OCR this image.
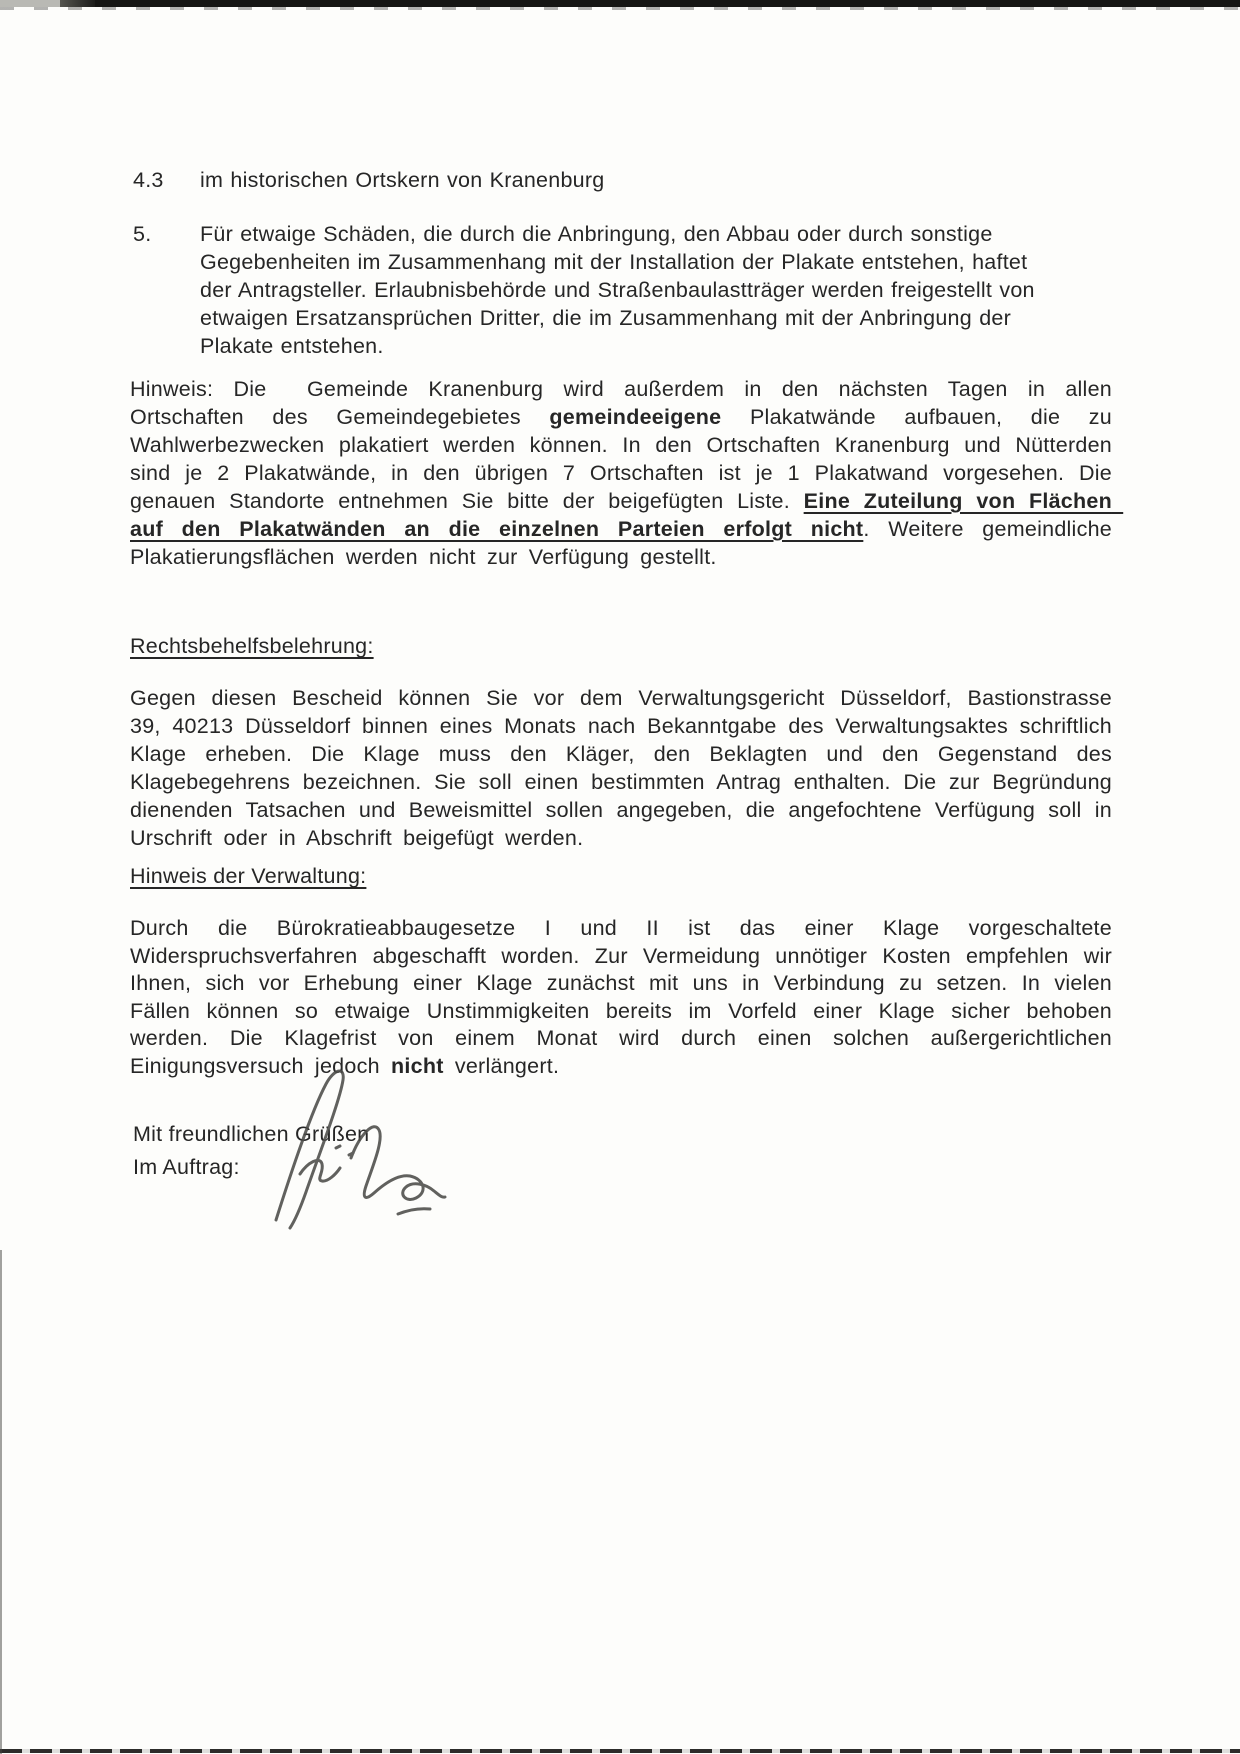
4.3	im historischen Ortskern von Kranenburg
5.	Für etwaige Schäden, die durch die Anbringung, den Abbau oder durch sonstige Gegebenheiten im Zusammenhang mit der Installation der Plakate entstehen, haftet der Antragsteller. Erlaubnisbehörde und Straßenbaulastträger werden freigestellt von etwaigen Ersatzansprüchen Dritter, die im Zusammenhang mit der Anbringung der Plakate entstehen.
Hinweis: Die  Gemeinde Kranenburg wird außerdem in den nächsten Tagen in allen Ortschaften des Gemeindegebietes gemeindeeigene Plakatwände aufbauen, die zu Wahlwerbezwecken plakatiert werden können. In den Ortschaften Kranenburg und Nütterden sind je 2 Plakatwände, in den übrigen 7 Ortschaften ist je 1 Plakatwand vorgesehen. Die genauen Standorte entnehmen Sie bitte der beigefügten Liste. Eine Zuteilung von Flächen auf den Plakatwänden an die einzelnen Parteien erfolgt nicht. Weitere gemeindliche Plakatierungsflächen werden nicht zur Verfügung gestellt.
Rechtsbehelfsbelehrung:
Gegen diesen Bescheid können Sie vor dem Verwaltungsgericht Düsseldorf, Bastionstrasse 39, 40213 Düsseldorf binnen eines Monats nach Bekanntgabe des Verwaltungsaktes schriftlich Klage erheben. Die Klage muss den Kläger, den Beklagten und den Gegenstand des Klagebegehrens bezeichnen. Sie soll einen bestimmten Antrag enthalten. Die zur Begründung dienenden Tatsachen und Beweismittel sollen angegeben, die angefochtene Verfügung soll in Urschrift oder in Abschrift beigefügt werden.
Hinweis der Verwaltung:
Durch die Bürokratieabbaugesetze I und II ist das einer Klage vorgeschaltete Widerspruchsverfahren abgeschafft worden. Zur Vermeidung unnötiger Kosten empfehlen wir Ihnen, sich vor Erhebung einer Klage zunächst mit uns in Verbindung zu setzen. In vielen Fällen können so etwaige Unstimmigkeiten bereits im Vorfeld einer Klage sicher behoben werden. Die Klagefrist von einem Monat wird durch einen solchen außergerichtlichen Einigungsversuch jedoch nicht verlängert.
Mit freundlichen Grüßen
Im Auftrag:
